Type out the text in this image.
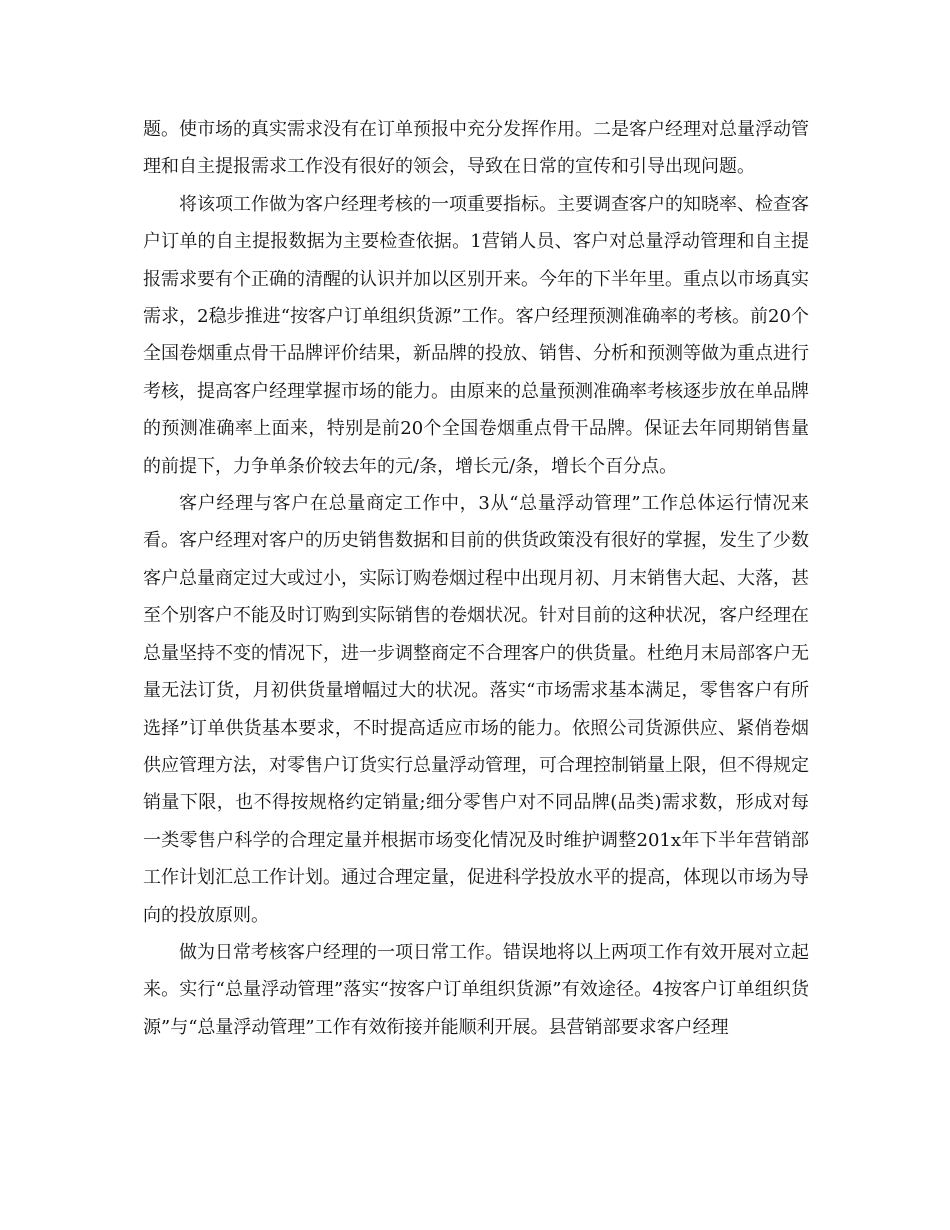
题。使市场的真实需求没有在订单预报中充分发挥作用。二是客户经理对总量浮动管理和自主提报需求工作没有很好的领会，导致在日常的宣传和引导出现问题。

将该项工作做为客户经理考核的一项重要指标。主要调查客户的知晓率、检查客户订单的自主提报数据为主要检查依据。1营销人员、客户对总量浮动管理和自主提报需求要有个正确的清醒的认识并加以区别开来。今年的下半年里。重点以市场真实需求，2稳步推进“按客户订单组织货源”工作。客户经理预测准确率的考核。前20个全国卷烟重点骨干品牌评价结果，新品牌的投放、销售、分析和预测等做为重点进行考核，提高客户经理掌握市场的能力。由原来的总量预测准确率考核逐步放在单品牌的预测准确率上面来，特别是前20个全国卷烟重点骨干品牌。保证去年同期销售量的前提下，力争单条价较去年的元/条，增长元/条，增长个百分点。

客户经理与客户在总量商定工作中，3从“总量浮动管理”工作总体运行情况来看。客户经理对客户的历史销售数据和目前的供货政策没有很好的掌握，发生了少数客户总量商定过大或过小，实际订购卷烟过程中出现月初、月末销售大起、大落，甚至个别客户不能及时订购到实际销售的卷烟状况。针对目前的这种状况，客户经理在总量坚持不变的情况下，进一步调整商定不合理客户的供货量。杜绝月末局部客户无量无法订货，月初供货量增幅过大的状况。落实“市场需求基本满足，零售客户有所选择”订单供货基本要求，不时提高适应市场的能力。依照公司货源供应、紧俏卷烟供应管理方法，对零售户订货实行总量浮动管理，可合理控制销量上限，但不得规定销量下限，也不得按规格约定销量;细分零售户对不同品牌(品类)需求数，形成对每一类零售户科学的合理定量并根据市场变化情况及时维护调整201x年下半年营销部工作计划汇总工作计划。通过合理定量，促进科学投放水平的提高，体现以市场为导向的投放原则。

做为日常考核客户经理的一项日常工作。错误地将以上两项工作有效开展对立起来。实行“总量浮动管理”落实“按客户订单组织货源”有效途径。4按客户订单组织货源”与“总量浮动管理”工作有效衔接并能顺利开展。县营销部要求客户经理
